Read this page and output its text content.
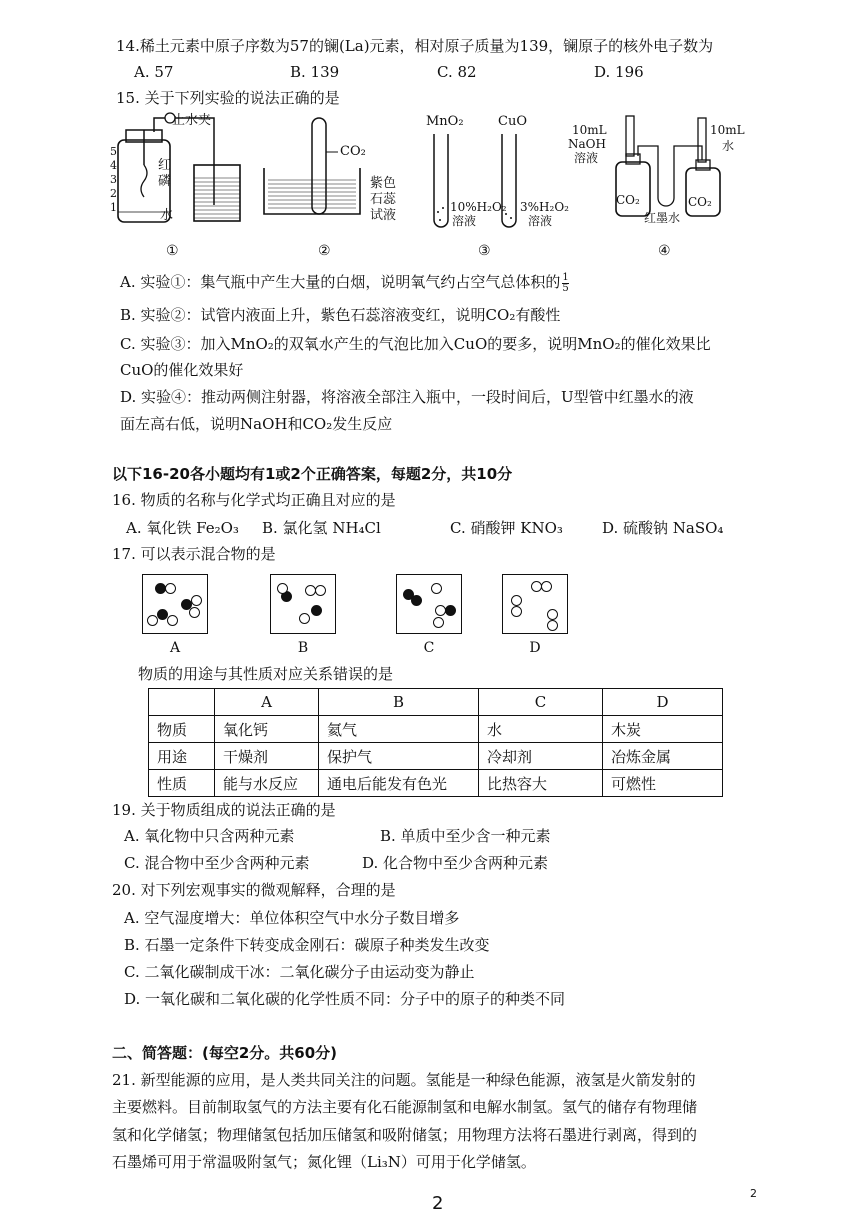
14.稀土元素中原子序数为57的镧(La)元素，相对原子质量为139，镧原子的核外电子数为
A. 57	B. 139	C. 82	D. 196
15. 关于下列实验的说法正确的是
止水夹
5
4
3
2
1
红磷
水
CO₂
紫色
石蕊
试液
MnO₂	CuO
10%H₂O₂
溶液
3%H₂O₂
溶液
10mL
NaOH
溶液
10mL
水
CO₂	CO₂
红墨水
①	②	③	④
A. 实验①：集气瓶中产生大量的白烟，说明氧气约占空气总体积的 $\frac{1}{5}$
B. 实验②：试管内液面上升，紫色石蕊溶液变红，说明CO₂有酸性
C. 实验③：加入MnO₂的双氧水产生的气泡比加入CuO的要多，说明MnO₂的催化效果比
CuO的催化效果好
D. 实验④：推动两侧注射器，将溶液全部注入瓶中，一段时间后，U型管中红墨水的液
面左高右低，说明NaOH和CO₂发生反应
以下16-20各小题均有1或2个正确答案，每题2分，共10分
16. 物质的名称与化学式均正确且对应的是
A. 氧化铁 Fe₂O₃ B. 氯化氢 NH₄Cl	C. 硝酸钾 KNO₃	D. 硫酸钠 NaSO₄
17. 可以表示混合物的是
A	B	C	D
物质的用途与其性质对应关系错误的是
	A	B	C	D
物质	氧化钙	氦气	水	木炭
用途	干燥剂	保护气	冷却剂	冶炼金属
性质	能与水反应	通电后能发有色光	比热容大	可燃性
19. 关于物质组成的说法正确的是
A. 氧化物中只含两种元素	B. 单质中至少含一种元素
C. 混合物中至少含两种元素	D. 化合物中至少含两种元素
20. 对下列宏观事实的微观解释，合理的是
A. 空气湿度增大：单位体积空气中水分子数目增多
B. 石墨一定条件下转变成金刚石：碳原子种类发生改变
C. 二氧化碳制成干冰：二氧化碳分子由运动变为静止
D. 一氧化碳和二氧化碳的化学性质不同：分子中的原子的种类不同
二、简答题：(每空2分。共60分)
21. 新型能源的应用，是人类共同关注的问题。氢能是一种绿色能源，液氢是火箭发射的
主要燃料。目前制取氢气的方法主要有化石能源制氢和电解水制氢。氢气的储存有物理储
氢和化学储氢；物理储氢包括加压储氢和吸附储氢；用物理方法将石墨进行剥离，得到的
石墨烯可用于常温吸附氢气；氮化锂（Li₃N）可用于化学储氢。
2	2
